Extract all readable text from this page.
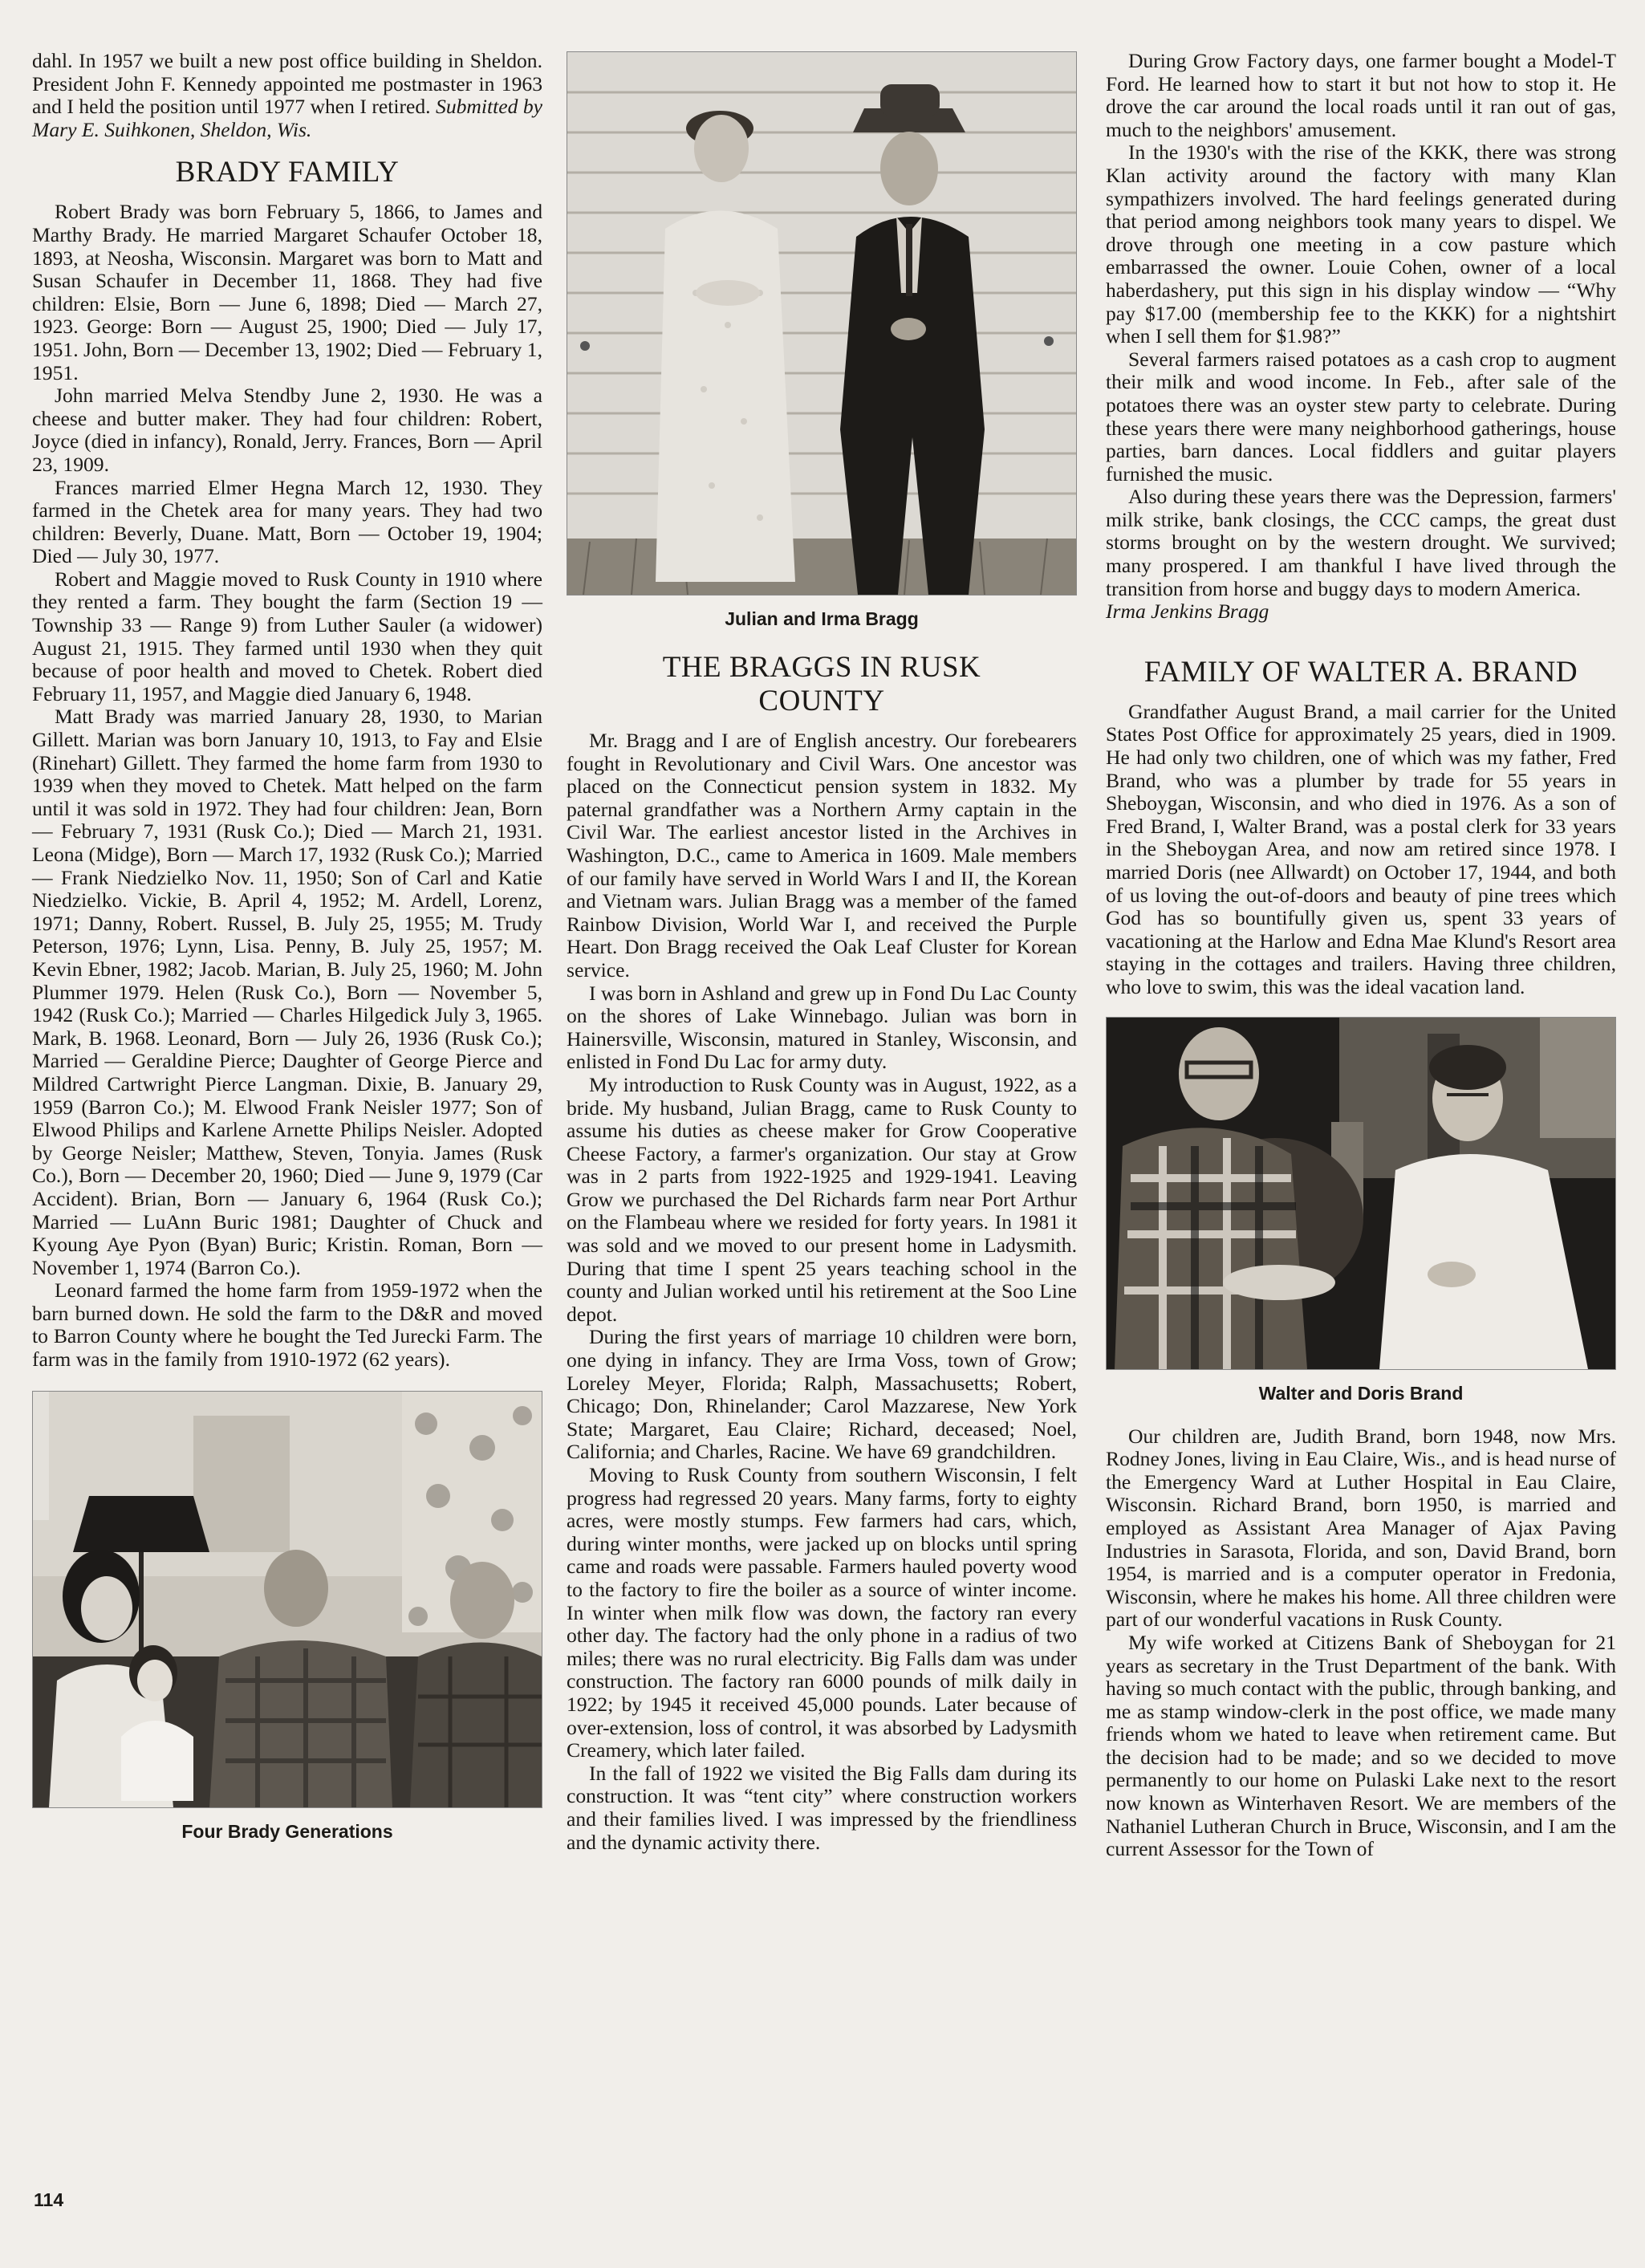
dahl. In 1957 we built a new post office building in Sheldon. President John F. Kennedy appointed me postmaster in 1963 and I held the position until 1977 when I retired. Submitted by Mary E. Suihkonen, Sheldon, Wis.

BRADY FAMILY

Robert Brady was born February 5, 1866, to James and Marthy Brady. He married Margaret Schaufer October 18, 1893, at Neosha, Wisconsin. Margaret was born to Matt and Susan Schaufer in December 11, 1868. They had five children: Elsie, Born — June 6, 1898; Died — March 27, 1923. George: Born — August 25, 1900; Died — July 17, 1951. John, Born — December 13, 1902; Died — February 1, 1951.

John married Melva Stendby June 2, 1930. He was a cheese and butter maker. They had four children: Robert, Joyce (died in infancy), Ronald, Jerry. Frances, Born — April 23, 1909.

Frances married Elmer Hegna March 12, 1930. They farmed in the Chetek area for many years. They had two children: Beverly, Duane. Matt, Born — October 19, 1904; Died — July 30, 1977.

Robert and Maggie moved to Rusk County in 1910 where they rented a farm. They bought the farm (Section 19 — Township 33 — Range 9) from Luther Sauler (a widower) August 21, 1915. They farmed until 1930 when they quit because of poor health and moved to Chetek. Robert died February 11, 1957, and Maggie died January 6, 1948.

Matt Brady was married January 28, 1930, to Marian Gillett. Marian was born January 10, 1913, to Fay and Elsie (Rinehart) Gillett. They farmed the home farm from 1930 to 1939 when they moved to Chetek. Matt helped on the farm until it was sold in 1972. They had four children: Jean, Born — February 7, 1931 (Rusk Co.); Died — March 21, 1931. Leona (Midge), Born — March 17, 1932 (Rusk Co.); Married — Frank Niedzielko Nov. 11, 1950; Son of Carl and Katie Niedzielko. Vickie, B. April 4, 1952; M. Ardell, Lorenz, 1971; Danny, Robert. Russel, B. July 25, 1955; M. Trudy Peterson, 1976; Lynn, Lisa. Penny, B. July 25, 1957; M. Kevin Ebner, 1982; Jacob. Marian, B. July 25, 1960; M. John Plummer 1979. Helen (Rusk Co.), Born — November 5, 1942 (Rusk Co.); Married — Charles Hilgedick July 3, 1965. Mark, B. 1968. Leonard, Born — July 26, 1936 (Rusk Co.); Married — Geraldine Pierce; Daughter of George Pierce and Mildred Cartwright Pierce Langman. Dixie, B. January 29, 1959 (Barron Co.); M. Elwood Frank Neisler 1977; Son of Elwood Philips and Karlene Arnette Philips Neisler. Adopted by George Neisler; Matthew, Steven, Tonyia. James (Rusk Co.), Born — December 20, 1960; Died — June 9, 1979 (Car Accident). Brian, Born — January 6, 1964 (Rusk Co.); Married — LuAnn Buric 1981; Daughter of Chuck and Kyoung Aye Pyon (Byan) Buric; Kristin. Roman, Born — November 1, 1974 (Barron Co.).

Leonard farmed the home farm from 1959-1972 when the barn burned down. He sold the farm to the D&R and moved to Barron County where he bought the Ted Jurecki Farm. The farm was in the family from 1910-1972 (62 years).

Four Brady Generations
Julian and Irma Bragg
THE BRAGGS IN RUSK COUNTY

Mr. Bragg and I are of English ancestry. Our forebearers fought in Revolutionary and Civil Wars. One ancestor was placed on the Connecticut pension system in 1832. My paternal grandfather was a Northern Army captain in the Civil War. The earliest ancestor listed in the Archives in Washington, D.C., came to America in 1609. Male members of our family have served in World Wars I and II, the Korean and Vietnam wars. Julian Bragg was a member of the famed Rainbow Division, World War I, and received the Purple Heart. Don Bragg received the Oak Leaf Cluster for Korean service.

I was born in Ashland and grew up in Fond Du Lac County on the shores of Lake Winnebago. Julian was born in Hainersville, Wisconsin, matured in Stanley, Wisconsin, and enlisted in Fond Du Lac for army duty.

My introduction to Rusk County was in August, 1922, as a bride. My husband, Julian Bragg, came to Rusk County to assume his duties as cheese maker for Grow Cooperative Cheese Factory, a farmer's organization. Our stay at Grow was in 2 parts from 1922-1925 and 1929-1941. Leaving Grow we purchased the Del Richards farm near Port Arthur on the Flambeau where we resided for forty years. In 1981 it was sold and we moved to our present home in Ladysmith. During that time I spent 25 years teaching school in the county and Julian worked until his retirement at the Soo Line depot.

During the first years of marriage 10 children were born, one dying in infancy. They are Irma Voss, town of Grow; Loreley Meyer, Florida; Ralph, Massachusetts; Robert, Chicago; Don, Rhinelander; Carol Mazzarese, New York State; Margaret, Eau Claire; Richard, deceased; Noel, California; and Charles, Racine. We have 69 grandchildren.

Moving to Rusk County from southern Wisconsin, I felt progress had regressed 20 years. Many farms, forty to eighty acres, were mostly stumps. Few farmers had cars, which, during winter months, were jacked up on blocks until spring came and roads were passable. Farmers hauled poverty wood to the factory to fire the boiler as a source of winter income. In winter when milk flow was down, the factory ran every other day. The factory had the only phone in a radius of two miles; there was no rural electricity. Big Falls dam was under construction. The factory ran 6000 pounds of milk daily in 1922; by 1945 it received 45,000 pounds. Later because of over-extension, loss of control, it was absorbed by Ladysmith Creamery, which later failed.

In the fall of 1922 we visited the Big Falls dam during its construction. It was “tent city” where construction workers and their families lived. I was impressed by the friendliness and the dynamic activity there.

During Grow Factory days, one farmer bought a Model-T Ford. He learned how to start it but not how to stop it. He drove the car around the local roads until it ran out of gas, much to the neighbors' amusement.

In the 1930's with the rise of the KKK, there was strong Klan activity around the factory with many Klan sympathizers involved. The hard feelings generated during that period among neighbors took many years to dispel. We drove through one meeting in a cow pasture which embarrassed the owner. Louie Cohen, owner of a local haberdashery, put this sign in his display window — “Why pay $17.00 (membership fee to the KKK) for a nightshirt when I sell them for $1.98?”

Several farmers raised potatoes as a cash crop to augment their milk and wood income. In Feb., after sale of the potatoes there was an oyster stew party to celebrate. During these years there were many neighborhood gatherings, house parties, barn dances. Local fiddlers and guitar players furnished the music.

Also during these years there was the Depression, farmers' milk strike, bank closings, the CCC camps, the great dust storms brought on by the western drought. We survived; many prospered. I am thankful I have lived through the transition from horse and buggy days to modern America.

Irma Jenkins Bragg

FAMILY OF WALTER A. BRAND

Grandfather August Brand, a mail carrier for the United States Post Office for approximately 25 years, died in 1909. He had only two children, one of which was my father, Fred Brand, who was a plumber by trade for 55 years in Sheboygan, Wisconsin, and who died in 1976. As a son of Fred Brand, I, Walter Brand, was a postal clerk for 33 years in the Sheboygan Area, and now am retired since 1978. I married Doris (nee Allwardt) on October 17, 1944, and both of us loving the out-of-doors and beauty of pine trees which God has so bountifully given us, spent 33 years of vacationing at the Harlow and Edna Mae Klund's Resort area staying in the cottages and trailers. Having three children, who love to swim, this was the ideal vacation land.

Walter and Doris Brand

Our children are, Judith Brand, born 1948, now Mrs. Rodney Jones, living in Eau Claire, Wis., and is head nurse of the Emergency Ward at Luther Hospital in Eau Claire, Wisconsin. Richard Brand, born 1950, is married and employed as Assistant Area Manager of Ajax Paving Industries in Sarasota, Florida, and son, David Brand, born 1954, is married and is a computer operator in Fredonia, Wisconsin, where he makes his home. All three children were part of our wonderful vacations in Rusk County.

My wife worked at Citizens Bank of Sheboygan for 21 years as secretary in the Trust Department of the bank. With having so much contact with the public, through banking, and me as stamp window-clerk in the post office, we made many friends whom we hated to leave when retirement came. But the decision had to be made; and so we decided to move permanently to our home on Pulaski Lake next to the resort now known as Winterhaven Resort. We are members of the Nathaniel Lutheran Church in Bruce, Wisconsin, and I am the current Assessor for the Town of

114
